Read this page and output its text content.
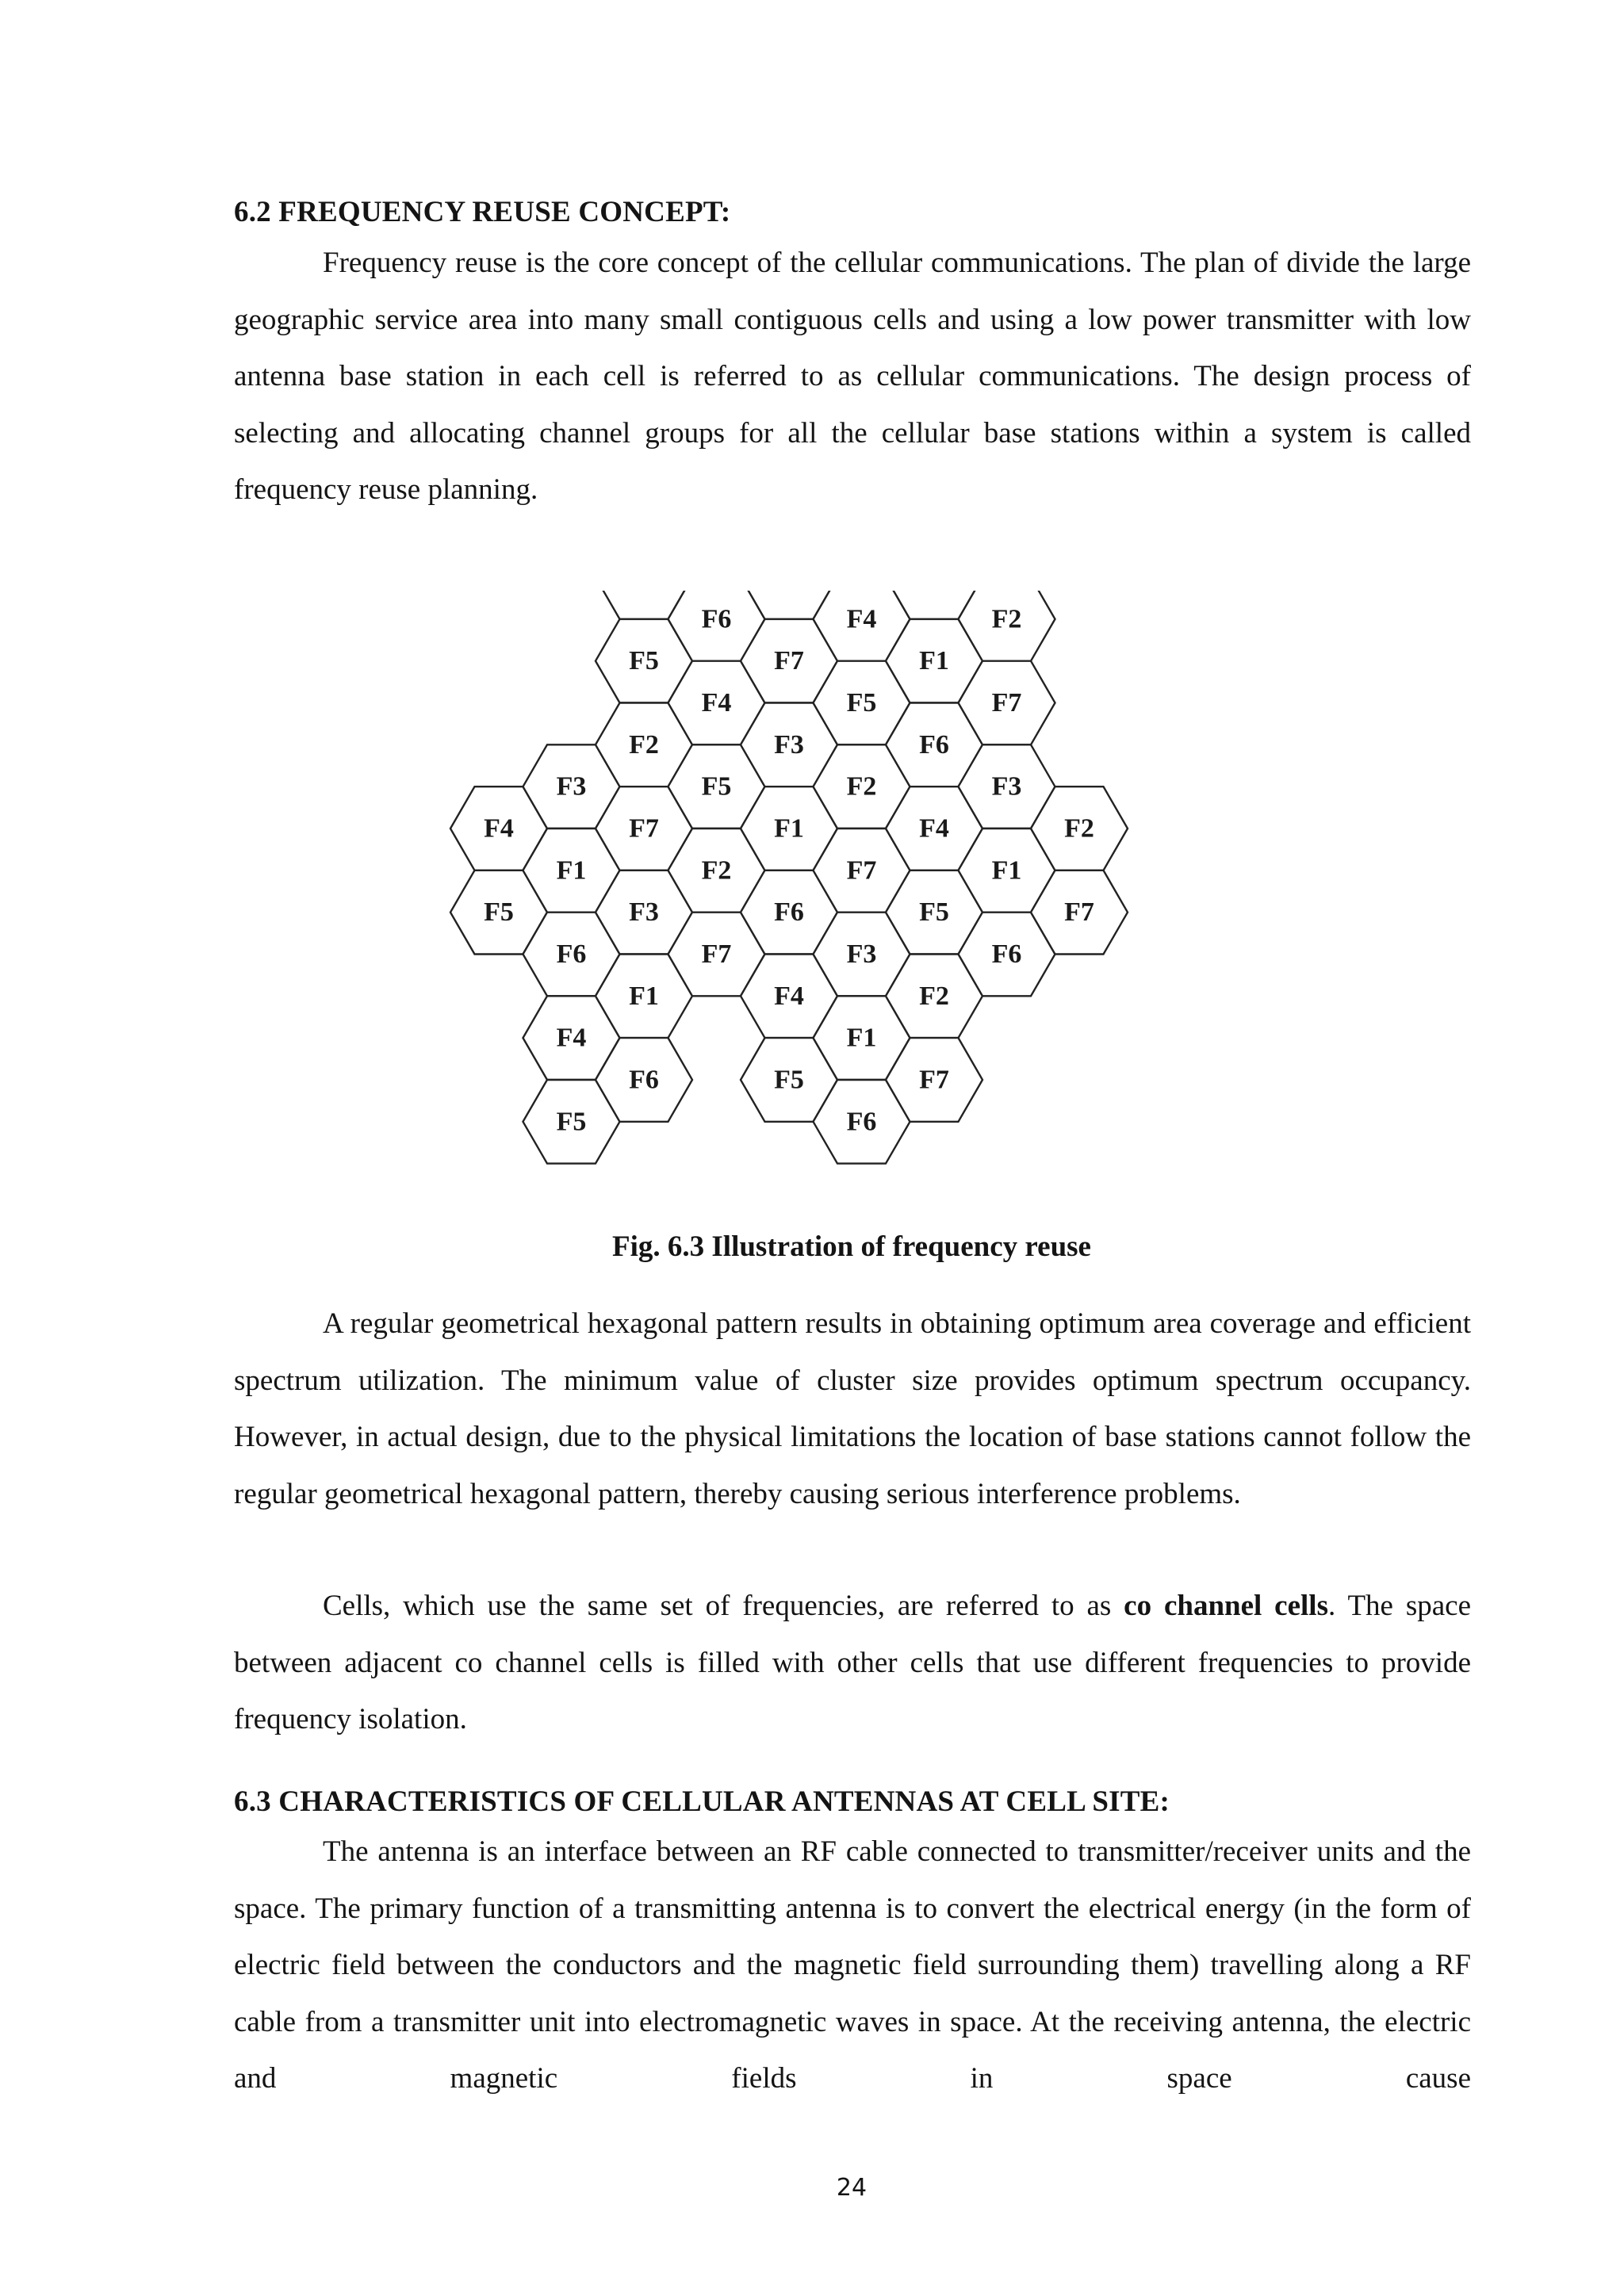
6.2 FREQUENCY REUSE CONCEPT:

Frequency reuse is the core concept of the cellular communications. The plan of divide the large geographic service area into many small contiguous cells and using a low power transmitter with low antenna base station in each cell is referred to as cellular communications. The design process of selecting and allocating channel groups for all the cellular base stations within a system is called frequency reuse planning.

F4
F5
F3
F1
F6
F4
F5
F5
F2
F7
F3
F1
F6
F6
F4
F5
F2
F7
F7
F3
F1
F6
F4
F5
F4
F5
F2
F7
F3
F1
F6
F1
F6
F4
F5
F2
F7
F2
F7
F3
F1
F6
F2
F7

Fig. 6.3 Illustration of frequency reuse

A regular geometrical hexagonal pattern results in obtaining optimum area coverage and efficient spectrum utilization. The minimum value of cluster size provides optimum spectrum occupancy. However, in actual design, due to the physical limitations the location of base stations cannot follow the regular geometrical hexagonal pattern, thereby causing serious interference problems.

Cells, which use the same set of frequencies, are referred to as co channel cells. The space between adjacent co channel cells is filled with other cells that use different frequencies to provide frequency isolation.

6.3 CHARACTERISTICS OF CELLULAR ANTENNAS AT CELL SITE:

The antenna is an interface between an RF cable connected to transmitter/receiver units and the space. The primary function of a transmitting antenna is to convert the electrical energy (in the form of electric field between the conductors and the magnetic field surrounding them) travelling along a RF cable from a transmitter unit into electromagnetic waves in space. At the receiving antenna, the electric and magnetic fields in space cause

24
